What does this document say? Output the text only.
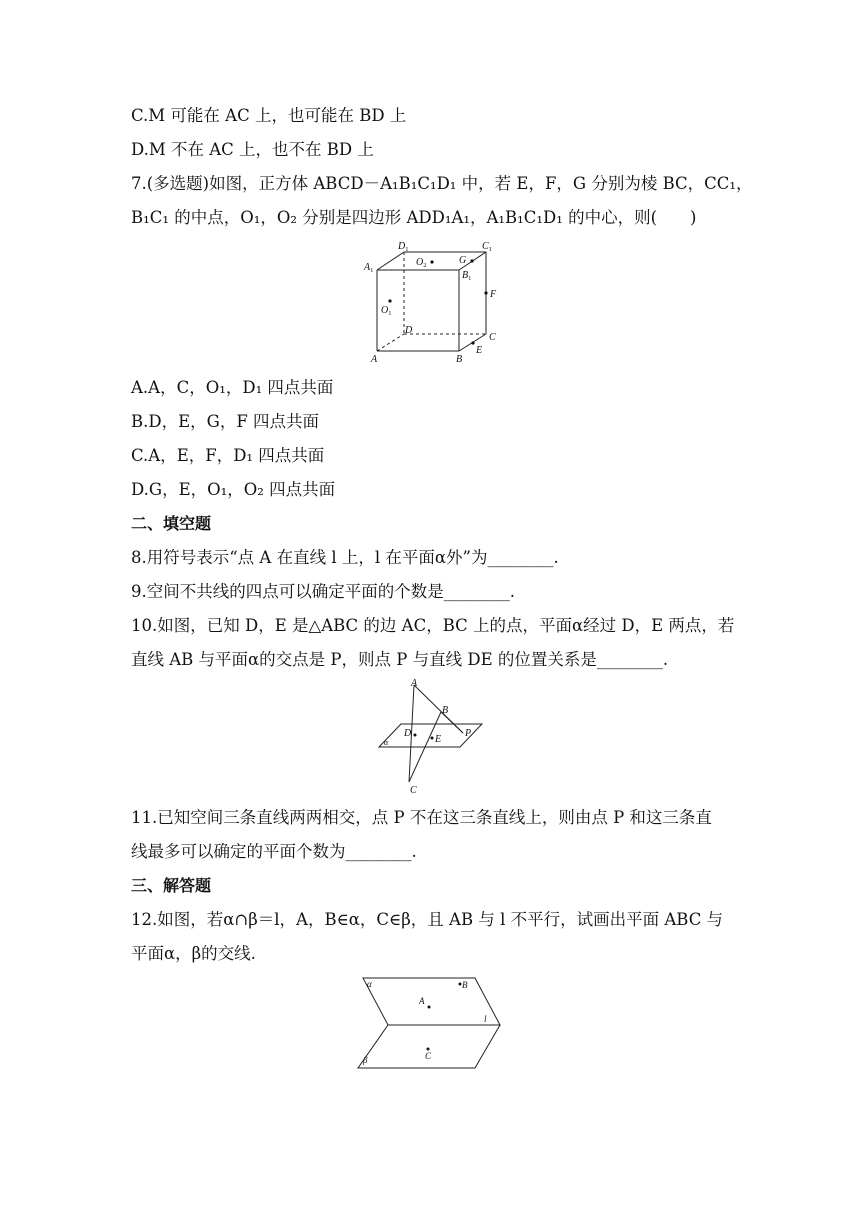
C.M 可能在 AC 上，也可能在 BD 上
D.M 不在 AC 上，也不在 BD 上
7.(多选题)如图，正方体 ABCD－A₁B₁C₁D₁ 中，若 E，F，G 分别为棱 BC，CC₁，
B₁C₁ 的中点，O₁，O₂ 分别是四边形 ADD₁A₁，A₁B₁C₁D₁ 的中心，则(　　)
$D_1$	$C_1$
$A_1$
$O_2$	G
$B_1$
F
$O_1$
D
C
A	B
E
A.A，C，O₁，D₁ 四点共面
B.D，E，G，F 四点共面
C.A，E，F，D₁ 四点共面
D.G，E，O₁，O₂ 四点共面
二、填空题
8.用符号表示“点 A 在直线 l 上，l 在平面α外”为________.
9.空间不共线的四点可以确定平面的个数是________.
10.如图，已知 D，E 是△ABC 的边 AC，BC 上的点，平面α经过 D，E 两点，若
直线 AB 与平面α的交点是 P，则点 P 与直线 DE 的位置关系是________.
A
B
D
E
P
α
C
11.已知空间三条直线两两相交，点 P 不在这三条直线上，则由点 P 和这三条直
线最多可以确定的平面个数为________.
三、解答题
12.如图，若α∩β＝l，A，B∈α，C∈β，且 AB 与 l 不平行，试画出平面 ABC 与
平面α，β的交线.
α	B
A
l
C
β
